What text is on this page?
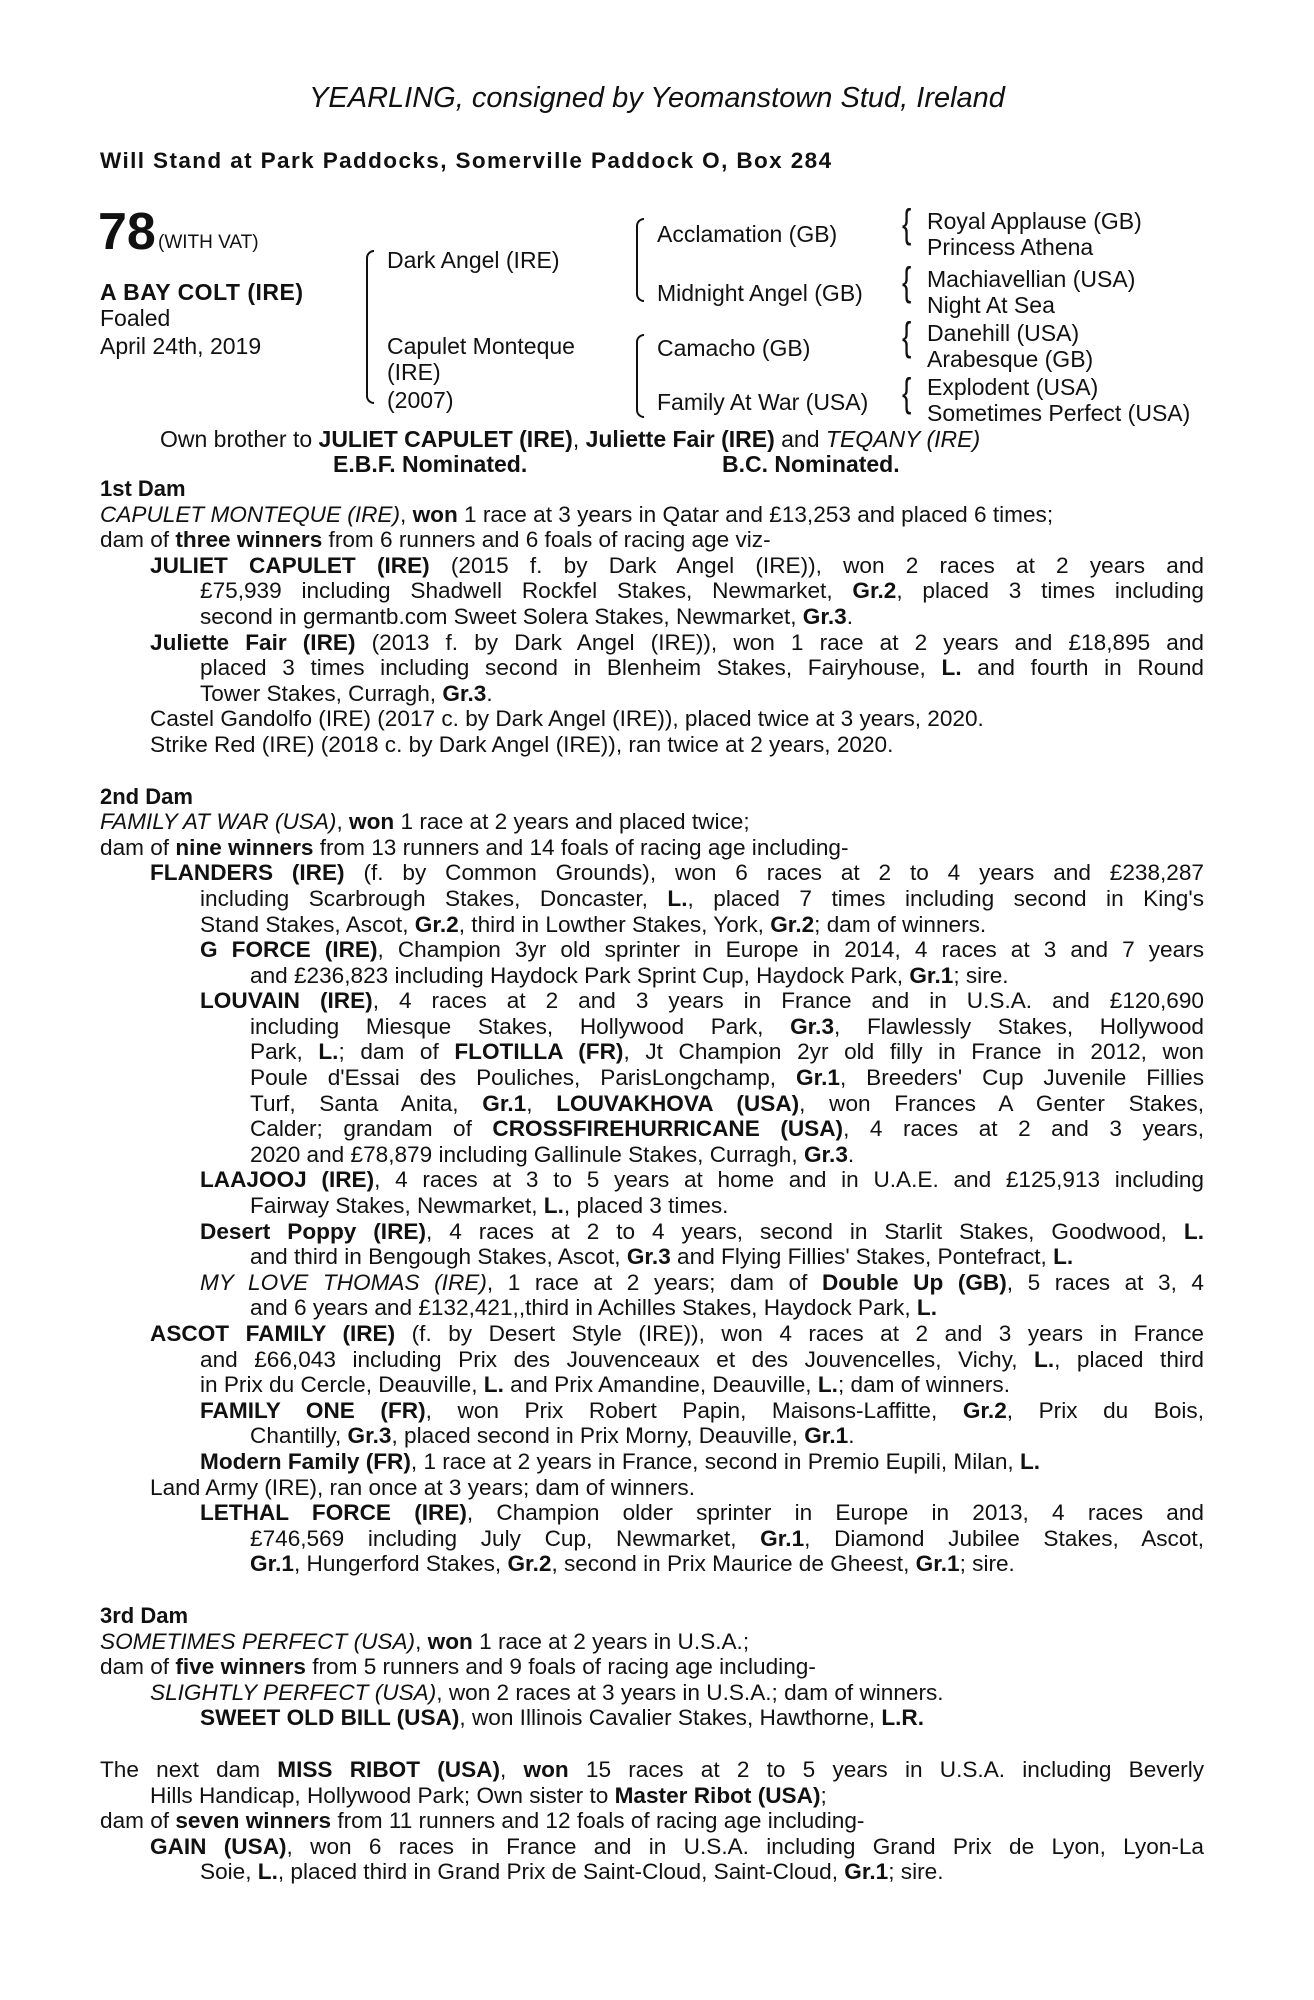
YEARLING, consigned by Yeomanstown Stud, Ireland
Will Stand at Park Paddocks, Somerville Paddock O, Box 284
78 (WITH VAT)
A BAY COLT (IRE)
Foaled
April 24th, 2019
Dark Angel (IRE)
Capulet Monteque
(IRE)
(2007)
Acclamation (GB)
Midnight Angel (GB)
Camacho (GB)
Family At War (USA)
{
{
{
{
Royal Applause (GB)
Princess Athena
Machiavellian (USA)
Night At Sea
Danehill (USA)
Arabesque (GB)
Explodent (USA)
Sometimes Perfect (USA)
Own brother to JULIET CAPULET (IRE), Juliette Fair (IRE) and TEQANY (IRE)
E.B.F. Nominated.	B.C. Nominated.
1st Dam
CAPULET MONTEQUE (IRE), won 1 race at 3 years in Qatar and £13,253 and placed 6 times;
dam of three winners from 6 runners and 6 foals of racing age viz-
JULIET CAPULET (IRE) (2015 f. by Dark Angel (IRE)), won 2 races at 2 years and
£75,939 including Shadwell Rockfel Stakes, Newmarket, Gr.2, placed 3 times including
second in germantb.com Sweet Solera Stakes, Newmarket, Gr.3.
Juliette Fair (IRE) (2013 f. by Dark Angel (IRE)), won 1 race at 2 years and £18,895 and
placed 3 times including second in Blenheim Stakes, Fairyhouse, L. and fourth in Round
Tower Stakes, Curragh, Gr.3.
Castel Gandolfo (IRE) (2017 c. by Dark Angel (IRE)), placed twice at 3 years, 2020.
Strike Red (IRE) (2018 c. by Dark Angel (IRE)), ran twice at 2 years, 2020.
2nd Dam
FAMILY AT WAR (USA), won 1 race at 2 years and placed twice;
dam of nine winners from 13 runners and 14 foals of racing age including-
FLANDERS (IRE) (f. by Common Grounds), won 6 races at 2 to 4 years and £238,287
including Scarbrough Stakes, Doncaster, L., placed 7 times including second in King's
Stand Stakes, Ascot, Gr.2, third in Lowther Stakes, York, Gr.2; dam of winners.
G FORCE (IRE), Champion 3yr old sprinter in Europe in 2014, 4 races at 3 and 7 years
and £236,823 including Haydock Park Sprint Cup, Haydock Park, Gr.1; sire.
LOUVAIN (IRE), 4 races at 2 and 3 years in France and in U.S.A. and £120,690
including Miesque Stakes, Hollywood Park, Gr.3, Flawlessly Stakes, Hollywood
Park, L.; dam of FLOTILLA (FR), Jt Champion 2yr old filly in France in 2012, won
Poule d'Essai des Pouliches, ParisLongchamp, Gr.1, Breeders' Cup Juvenile Fillies
Turf, Santa Anita, Gr.1, LOUVAKHOVA (USA), won Frances A Genter Stakes,
Calder; grandam of CROSSFIREHURRICANE (USA), 4 races at 2 and 3 years,
2020 and £78,879 including Gallinule Stakes, Curragh, Gr.3.
LAAJOOJ (IRE), 4 races at 3 to 5 years at home and in U.A.E. and £125,913 including
Fairway Stakes, Newmarket, L., placed 3 times.
Desert Poppy (IRE), 4 races at 2 to 4 years, second in Starlit Stakes, Goodwood, L.
and third in Bengough Stakes, Ascot, Gr.3 and Flying Fillies' Stakes, Pontefract, L.
MY LOVE THOMAS (IRE), 1 race at 2 years; dam of Double Up (GB), 5 races at 3, 4
and 6 years and £132,421,,third in Achilles Stakes, Haydock Park, L.
ASCOT FAMILY (IRE) (f. by Desert Style (IRE)), won 4 races at 2 and 3 years in France
and £66,043 including Prix des Jouvenceaux et des Jouvencelles, Vichy, L., placed third
in Prix du Cercle, Deauville, L. and Prix Amandine, Deauville, L.; dam of winners.
FAMILY ONE (FR), won Prix Robert Papin, Maisons-Laffitte, Gr.2, Prix du Bois,
Chantilly, Gr.3, placed second in Prix Morny, Deauville, Gr.1.
Modern Family (FR), 1 race at 2 years in France, second in Premio Eupili, Milan, L.
Land Army (IRE), ran once at 3 years; dam of winners.
LETHAL FORCE (IRE), Champion older sprinter in Europe in 2013, 4 races and
£746,569 including July Cup, Newmarket, Gr.1, Diamond Jubilee Stakes, Ascot,
Gr.1, Hungerford Stakes, Gr.2, second in Prix Maurice de Gheest, Gr.1; sire.
3rd Dam
SOMETIMES PERFECT (USA), won 1 race at 2 years in U.S.A.;
dam of five winners from 5 runners and 9 foals of racing age including-
SLIGHTLY PERFECT (USA), won 2 races at 3 years in U.S.A.; dam of winners.
SWEET OLD BILL (USA), won Illinois Cavalier Stakes, Hawthorne, L.R.
The next dam MISS RIBOT (USA), won 15 races at 2 to 5 years in U.S.A. including Beverly
Hills Handicap, Hollywood Park; Own sister to Master Ribot (USA);
dam of seven winners from 11 runners and 12 foals of racing age including-
GAIN (USA), won 6 races in France and in U.S.A. including Grand Prix de Lyon, Lyon-La
Soie, L., placed third in Grand Prix de Saint-Cloud, Saint-Cloud, Gr.1; sire.
